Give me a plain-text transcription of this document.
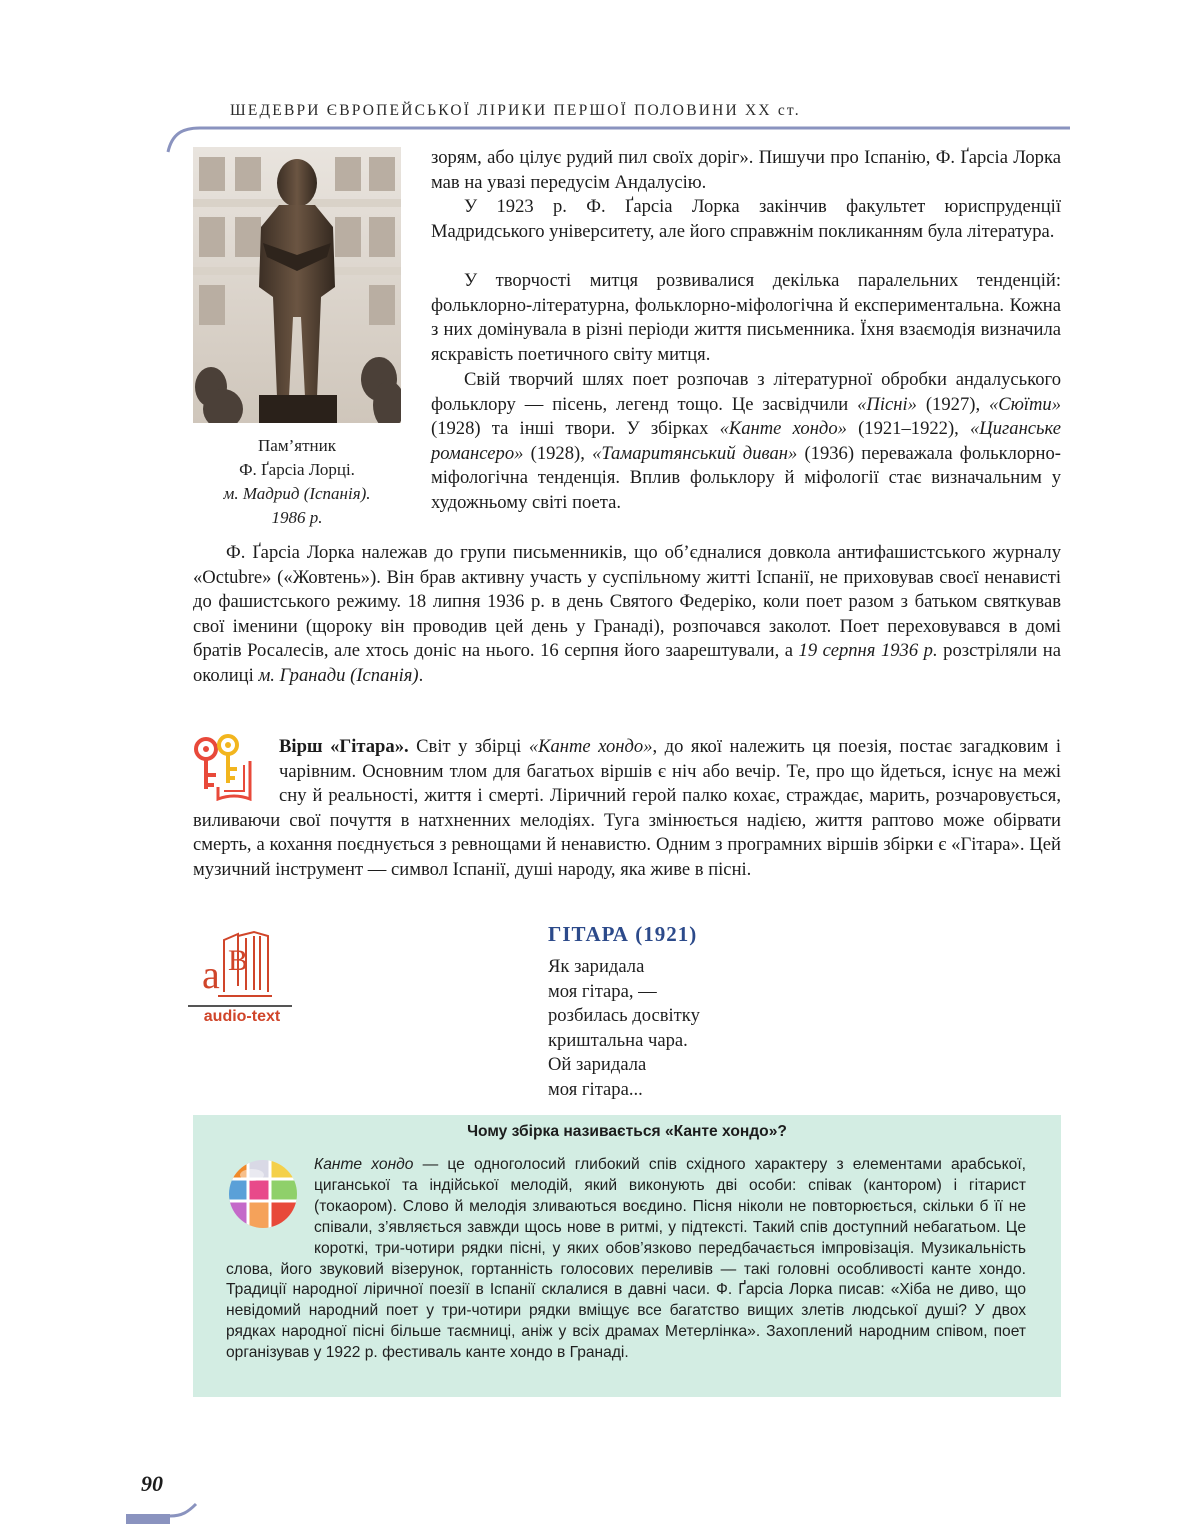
ШЕДЕВРИ ЄВРОПЕЙСЬКОЇ ЛІРИКИ ПЕРШОЇ ПОЛОВИНИ ХХ ст.
Пам’ятник
Ф. Ґарсіа Лорці.
м. Мадрид (Іспанія).
1986 р.
зорям, або цілує рудий пил своїх доріг». Пишучи про Іспанію, Ф. Ґарсіа Лорка мав на увазі передусім Андалусію.
У 1923 р. Ф. Ґарсіа Лорка закінчив факультет юриспруденції Мадридського університету, але його справжнім покликанням була література.
У творчості митця розвивалися декілька паралельних тенденцій: фольклорно-літературна, фольклорно-міфологічна й експериментальна. Кожна з них домінувала в різні періоди життя письменника. Їхня взаємодія визначила яскравість поетичного світу митця.
Свій творчий шлях поет розпочав з літературної обробки андалуського фольклору — пісень, легенд тощо. Це засвідчили «Пісні» (1927), «Сюїти» (1928) та інші твори. У збірках «Канте хондо» (1921–1922), «Циганське романсеро» (1928), «Тамаритянський диван» (1936) переважала фольклорно-міфологічна тенденція. Вплив фольклору й міфології стає визначальним у художньому світі поета.
Ф. Ґарсіа Лорка належав до групи письменників, що об’єдналися довкола антифашистського журналу «Octubre» («Жовтень»). Він брав активну участь у суспільному житті Іспанії, не приховував своєї ненависті до фашистського режиму. 18 липня 1936 р. в день Святого Федеріко, коли поет разом з батьком святкував свої іменини (щороку він проводив цей день у Гранаді), розпочався заколот. Поет переховувався в домі братів Росалесів, але хтось доніс на нього. 16 серпня його заарештували, а 19 серпня 1936 р. розстріляли на околиці м. Гранади (Іспанія).
Вірш «Гітара». Світ у збірці «Канте хондо», до якої належить ця поезія, постає загадковим і чарівним. Основним тлом для багатьох віршів є ніч або вечір. Те, про що йдеться, існує на межі сну й реальності, життя і смерті. Ліричний герой палко кохає, страждає, марить, розчаровується, виливаючи свої почуття в натхненних мелодіях. Туга змінюється надією, життя раптово може обірвати смерть, а кохання поєднується з ревнощами й ненавистю. Одним з програмних віршів збірки є «Гітара». Цей музичний інструмент — символ Іспанії, душі народу, яка живе в пісні.
а В
audio-text
ГІТАРА (1921)
Як заридала
моя гітара, —
розбилась досвітку
криштальна чара.
Ой заридала
моя гітара...
Чому збірка називається «Канте хондо»?
Канте хондо — це одноголосий глибокий спів східного характеру з елементами арабської, циганської та індійської мелодій, який виконують дві особи: співак (кантором) і гітарист (токаором). Слово й мелодія зливаються воєдино. Пісня ніколи не повторюється, скільки б її не співали, з’являється завжди щось нове в ритмі, у підтексті. Такий спів доступний небагатьом. Це короткі, три-чотири рядки пісні, у яких обов’язково передбачається імпровізація. Музикальність слова, його звуковий візерунок, гортанність голосових переливів — такі головні особливості канте хондо. Традиції народної ліричної поезії в Іспанії склалися в давні часи. Ф. Ґарсіа Лорка писав: «Хіба не диво, що невідомий народний поет у три-чотири рядки вміщує все багатство вищих злетів людської душі? У двох рядках народної пісні більше таємниці, аніж у всіх драмах Метерлінка». Захоплений народним співом, поет організував у 1922 р. фестиваль канте хондо в Гранаді.
90
